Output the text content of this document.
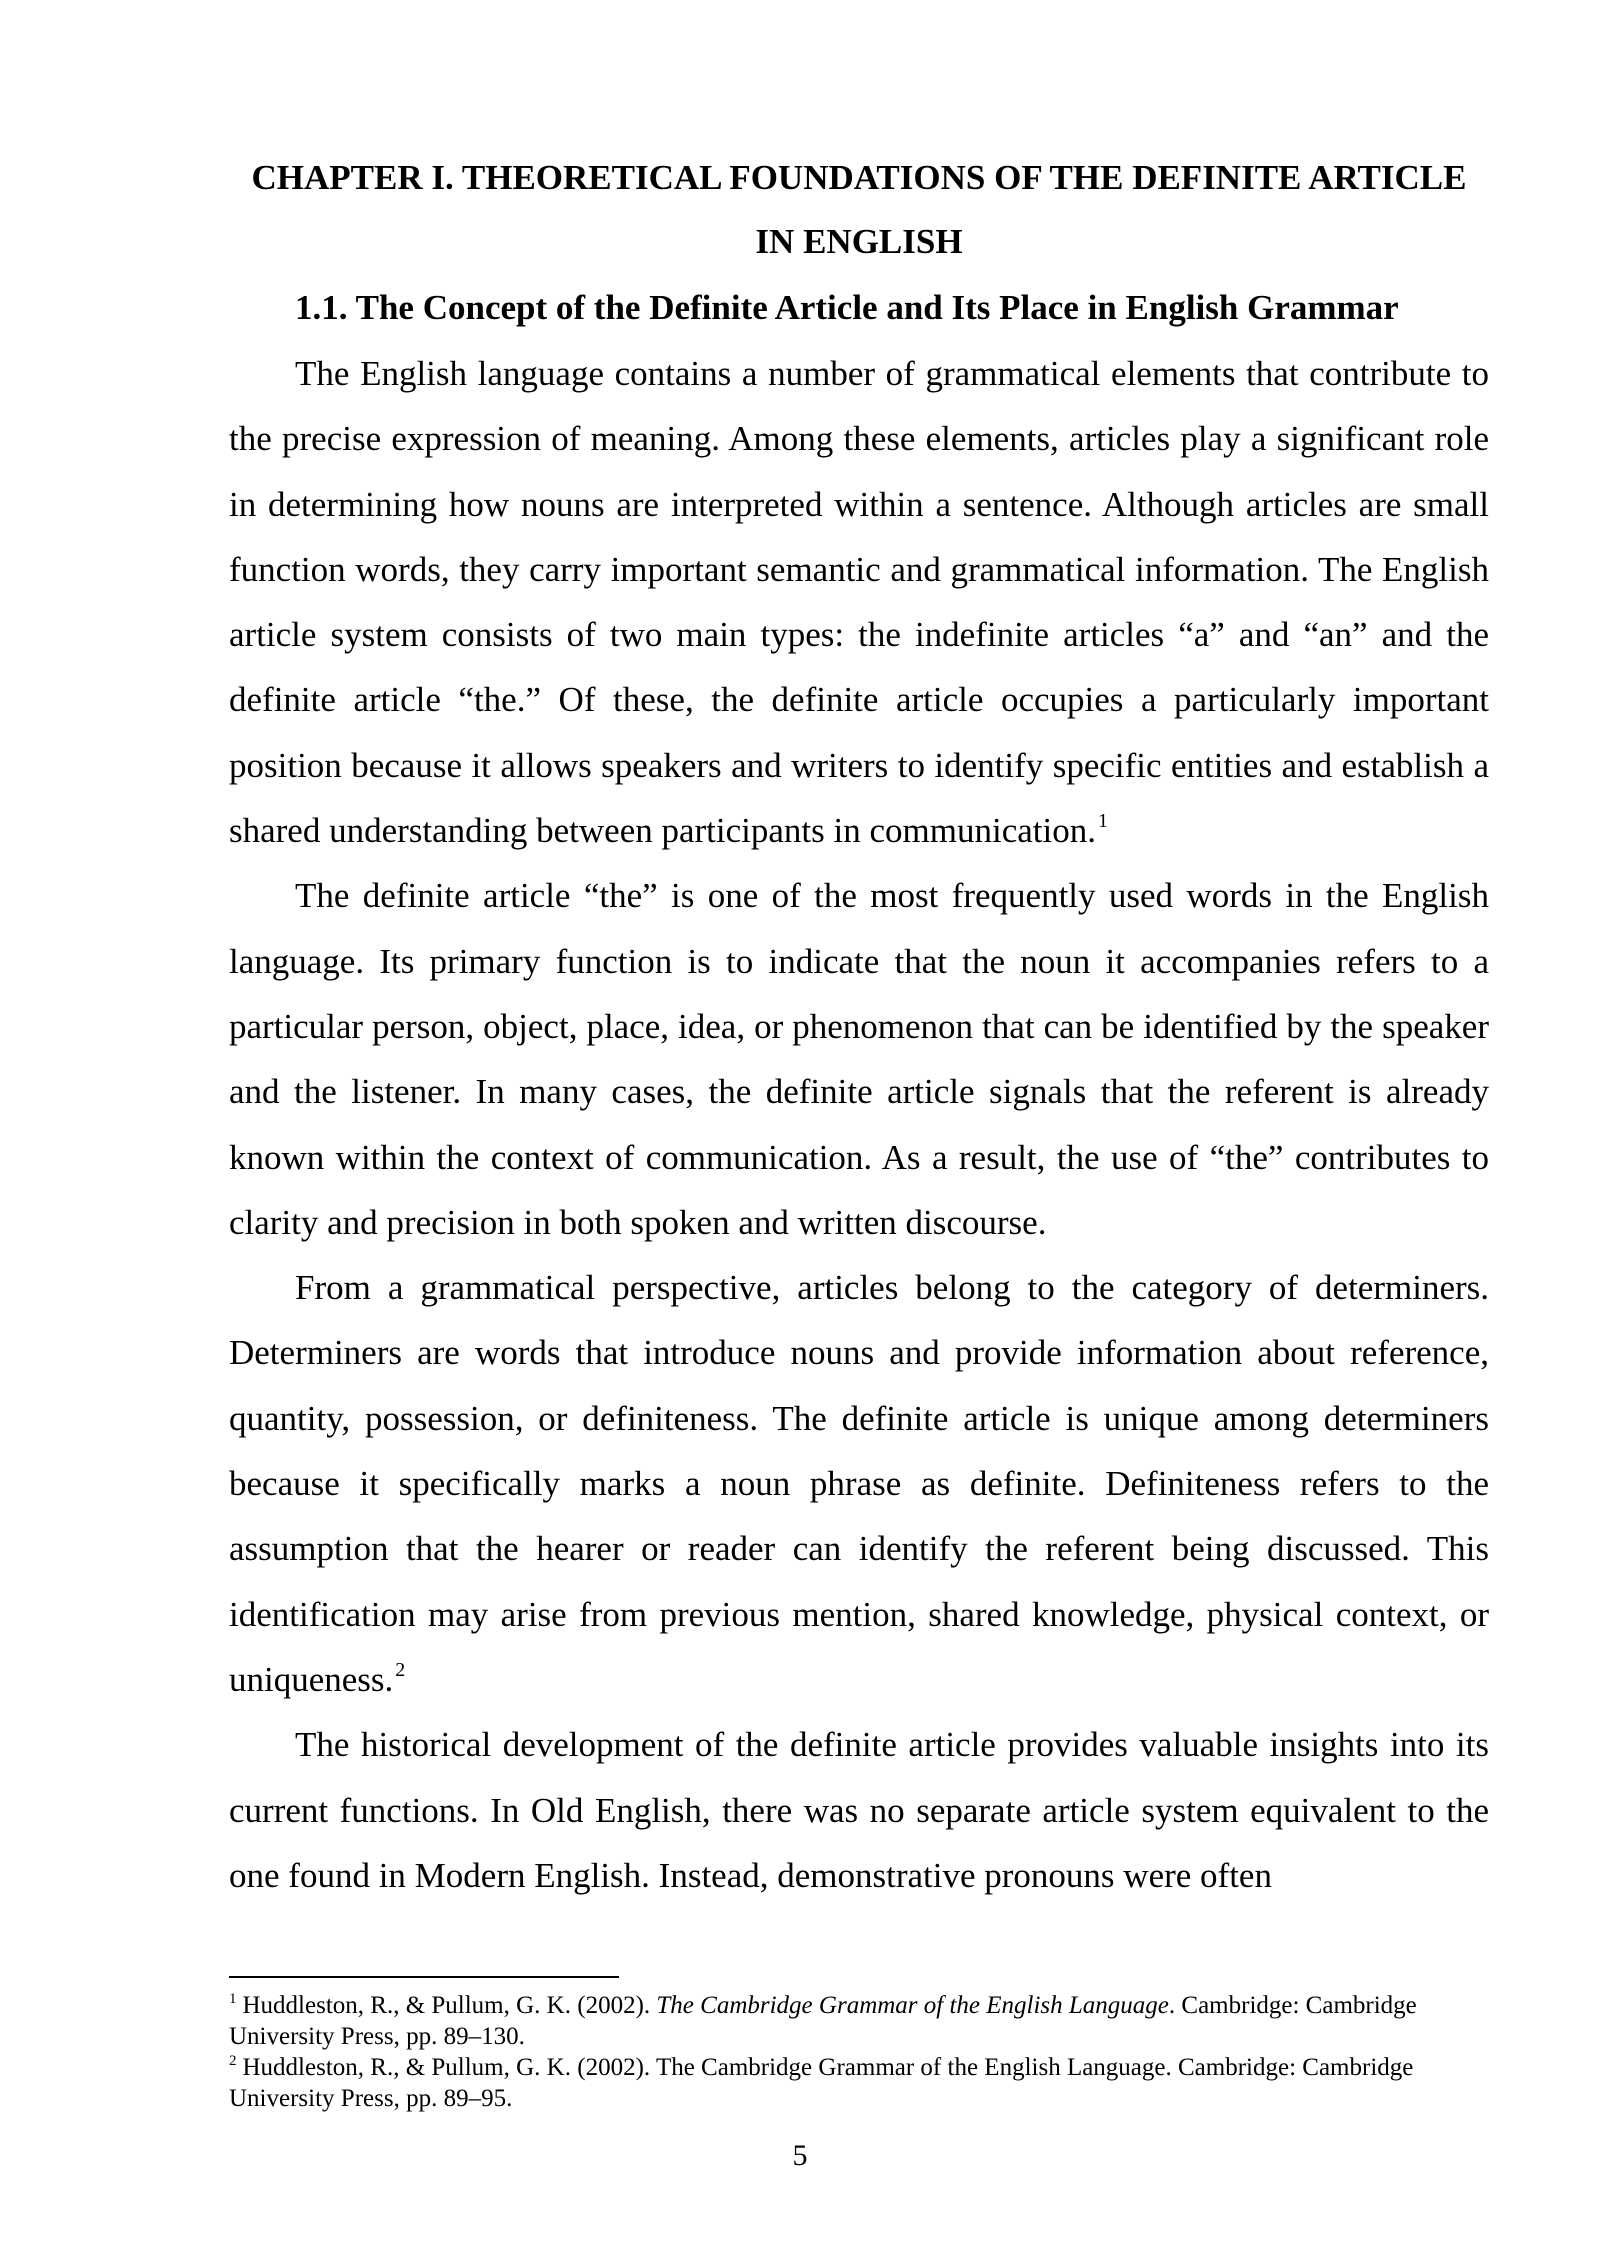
CHAPTER I. THEORETICAL FOUNDATIONS OF THE DEFINITE ARTICLE IN ENGLISH
1.1. The Concept of the Definite Article and Its Place in English Grammar

The English language contains a number of grammatical elements that contribute to the precise expression of meaning. Among these elements, articles play a significant role in determining how nouns are interpreted within a sentence. Although articles are small function words, they carry important semantic and grammatical information. The English article system consists of two main types: the indefinite articles “a” and “an” and the definite article “the.” Of these, the definite article occupies a particularly important position because it allows speakers and writers to identify specific entities and establish a shared understanding between participants in communication. $^1$

The definite article “the” is one of the most frequently used words in the English language. Its primary function is to indicate that the noun it accompanies refers to a particular person, object, place, idea, or phenomenon that can be identified by the speaker and the listener. In many cases, the definite article signals that the referent is already known within the context of communication. As a result, the use of “the” contributes to clarity and precision in both spoken and written discourse.

From a grammatical perspective, articles belong to the category of determiners. Determiners are words that introduce nouns and provide information about reference, quantity, possession, or definiteness. The definite article is unique among determiners because it specifically marks a noun phrase as definite. Definiteness refers to the assumption that the hearer or reader can identify the referent being discussed. This identification may arise from previous mention, shared knowledge, physical context, or uniqueness. $^2$

The historical development of the definite article provides valuable insights into its current functions. In Old English, there was no separate article system equivalent to the one found in Modern English. Instead, demonstrative pronouns were often

$^1$ Huddleston, R., & Pullum, G. K. (2002). The Cambridge Grammar of the English Language. Cambridge: Cambridge University Press, pp. 89–130.

$^2$ Huddleston, R., & Pullum, G. K. (2002). The Cambridge Grammar of the English Language. Cambridge: Cambridge University Press, pp. 89–95.

5
